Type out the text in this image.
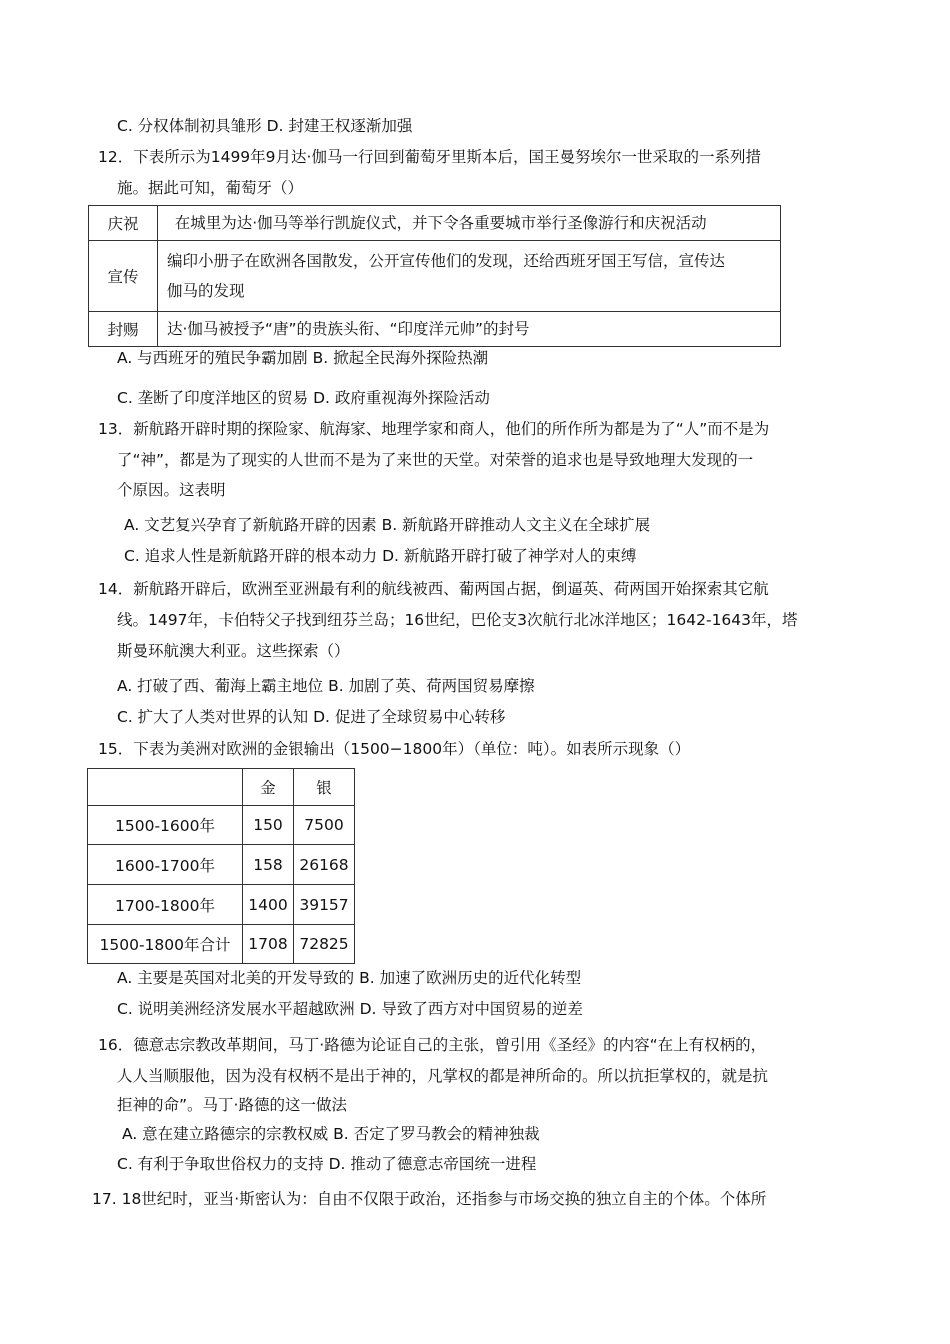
C. 分权体制初具雏形 D. 封建王权逐渐加强
12．下表所示为1499年9月达·伽马一行回到葡萄牙里斯本后，国王曼努埃尔一世采取的一系列措
施。据此可知，葡萄牙（）
庆祝	 在城里为达·伽马等举行凯旋仪式，并下令各重要城市举行圣像游行和庆祝活动
宣传	编印小册子在欧洲各国散发，公开宣传他们的发现，还给西班牙国王写信，宣传达
伽马的发现
封赐	达·伽马被授予“唐”的贵族头衔、“印度洋元帅”的封号
A. 与西班牙的殖民争霸加剧 B. 掀起全民海外探险热潮
C. 垄断了印度洋地区的贸易 D. 政府重视海外探险活动
13．新航路开辟时期的探险家、航海家、地理学家和商人，他们的所作所为都是为了“人”而不是为
了“神”，都是为了现实的人世而不是为了来世的天堂。对荣誉的追求也是导致地理大发现的一
个原因。这表明
A. 文艺复兴孕育了新航路开辟的因素 B. 新航路开辟推动人文主义在全球扩展
C. 追求人性是新航路开辟的根本动力 D. 新航路开辟打破了神学对人的束缚
14．新航路开辟后，欧洲至亚洲最有利的航线被西、葡两国占据，倒逼英、荷两国开始探索其它航
线。1497年，卡伯特父子找到纽芬兰岛；16世纪，巴伦支3次航行北冰洋地区；1642-1643年，塔
斯曼环航澳大利亚。这些探索（）
A. 打破了西、葡海上霸主地位 B. 加剧了英、荷两国贸易摩擦
C. 扩大了人类对世界的认知 D. 促进了全球贸易中心转移
15．下表为美洲对欧洲的金银输出（1500−1800年）（单位：吨）。如表所示现象（）
	金	银
1500-1600年	150	7500
1600-1700年	158	26168
1700-1800年	1400	39157
1500-1800年合计	1708	72825
A. 主要是英国对北美的开发导致的 B. 加速了欧洲历史的近代化转型
C. 说明美洲经济发展水平超越欧洲 D. 导致了西方对中国贸易的逆差
16．德意志宗教改革期间，马丁·路德为论证自己的主张，曾引用《圣经》的内容“在上有权柄的，
人人当顺服他，因为没有权柄不是出于神的，凡掌权的都是神所命的。所以抗拒掌权的，就是抗
拒神的命”。马丁·路德的这一做法
A. 意在建立路德宗的宗教权威 B. 否定了罗马教会的精神独裁
C. 有利于争取世俗权力的支持 D. 推动了德意志帝国统一进程
17. 18世纪时，亚当·斯密认为：自由不仅限于政治，还指参与市场交换的独立自主的个体。个体所
